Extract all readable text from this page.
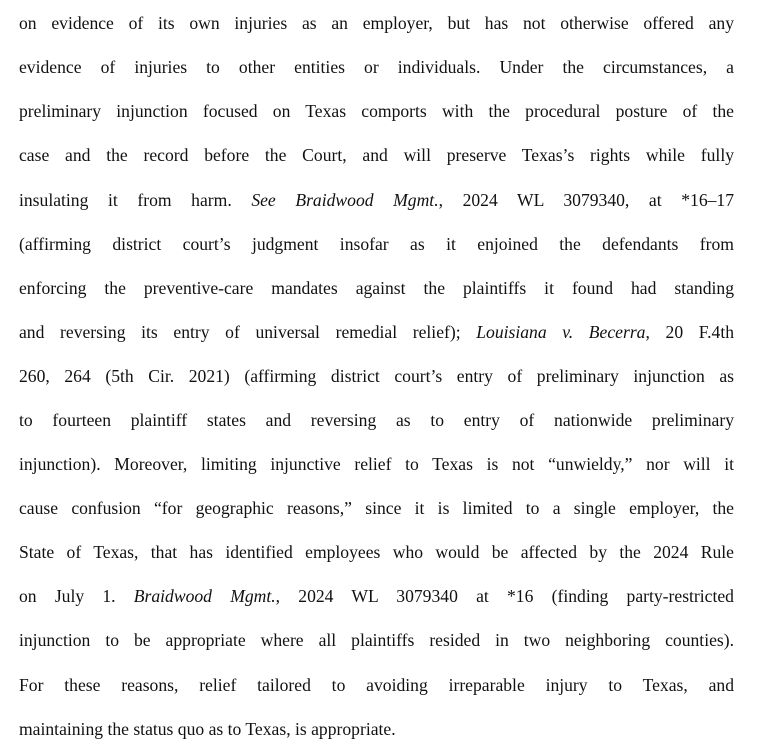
on evidence of its own injuries as an employer, but has not otherwise offered any
evidence of injuries to other entities or individuals. Under the circumstances, a
preliminary injunction focused on Texas comports with the procedural posture of the
case and the record before the Court, and will preserve Texas’s rights while fully
insulating it from harm. See Braidwood Mgmt., 2024 WL 3079340, at *16–17
(affirming district court’s judgment insofar as it enjoined the defendants from
enforcing the preventive-care mandates against the plaintiffs it found had standing
and reversing its entry of universal remedial relief); Louisiana v. Becerra, 20 F.4th
260, 264 (5th Cir. 2021) (affirming district court’s entry of preliminary injunction as
to fourteen plaintiff states and reversing as to entry of nationwide preliminary
injunction). Moreover, limiting injunctive relief to Texas is not “unwieldy,” nor will it
cause confusion “for geographic reasons,” since it is limited to a single employer, the
State of Texas, that has identified employees who would be affected by the 2024 Rule
on July 1. Braidwood Mgmt., 2024 WL 3079340 at *16 (finding party-restricted
injunction to be appropriate where all plaintiffs resided in two neighboring counties).
For these reasons, relief tailored to avoiding irreparable injury to Texas, and
maintaining the status quo as to Texas, is appropriate.
